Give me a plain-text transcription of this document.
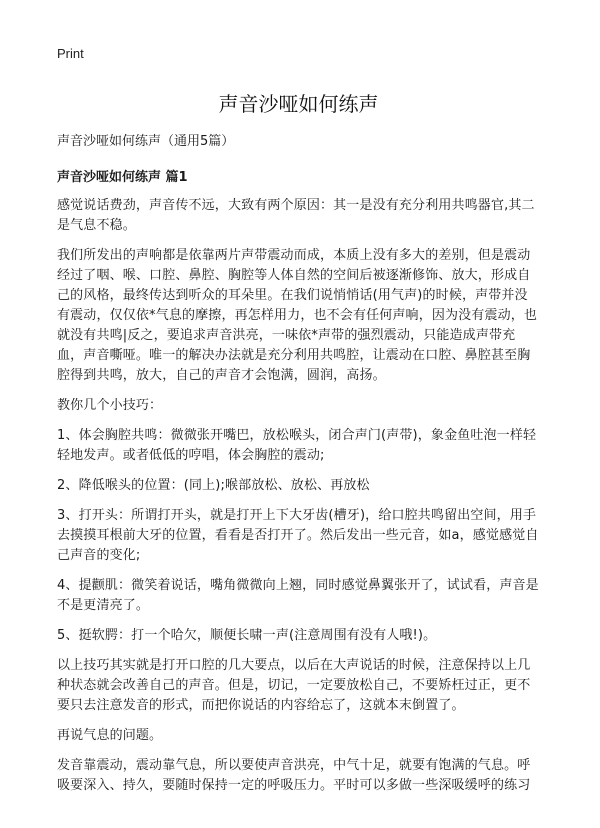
Print
声音沙哑如何练声
声音沙哑如何练声（通用5篇）
声音沙哑如何练声 篇1

感觉说话费劲，声音传不远，大致有两个原因：其一是没有充分利用共鸣器官,其二是气息不稳。

我们所发出的声响都是依靠两片声带震动而成，本质上没有多大的差别，但是震动经过了咽、喉、口腔、鼻腔、胸腔等人体自然的空间后被逐渐修饰、放大，形成自己的风格，最终传达到听众的耳朵里。在我们说悄悄话(用气声)的时候，声带并没有震动，仅仅依*气息的摩擦，再怎样用力，也不会有任何声响，因为没有震动，也就没有共鸣|反之，要追求声音洪亮，一味依*声带的强烈震动，只能造成声带充血，声音嘶哑。唯一的解决办法就是充分利用共鸣腔，让震动在口腔、鼻腔甚至胸腔得到共鸣，放大，自己的声音才会饱满，圆润，高扬。

教你几个小技巧：

1、体会胸腔共鸣：微微张开嘴巴，放松喉头，闭合声门(声带)，象金鱼吐泡一样轻轻地发声。或者低低的哼唱，体会胸腔的震动;

2、降低喉头的位置：(同上);喉部放松、放松、再放松

3、打开头：所谓打开头，就是打开上下大牙齿(槽牙)，给口腔共鸣留出空间，用手去摸摸耳根前大牙的位置，看看是否打开了。然后发出一些元音，如a，感觉感觉自己声音的变化;

4、提颧肌：微笑着说话，嘴角微微向上翘，同时感觉鼻翼张开了，试试看，声音是不是更清亮了。

5、挺软腭：打一个哈欠，顺便长啸一声(注意周围有没有人哦!)。

以上技巧其实就是打开口腔的几大要点，以后在大声说话的时候，注意保持以上几种状态就会改善自己的声音。但是，切记，一定要放松自己，不要矫枉过正，更不要只去注意发音的形式，而把你说话的内容给忘了，这就本末倒置了。

再说气息的问题。

发音靠震动，震动靠气息，所以要使声音洪亮，中气十足，就要有饱满的气息。呼吸要深入、持久，要随时保持一定的呼吸压力。平时可以多做一些深吸缓呼的练习
